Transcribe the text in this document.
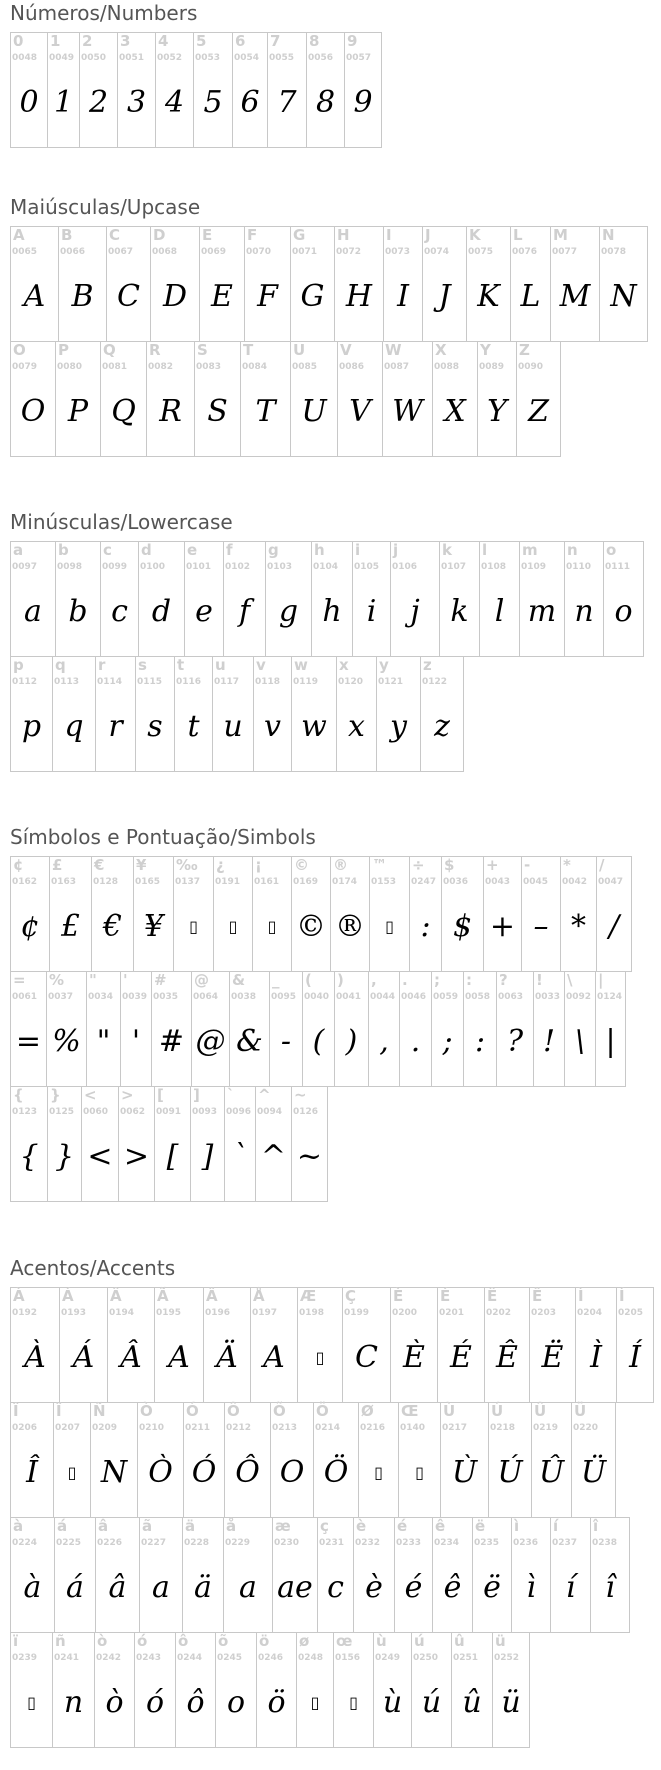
Números/Numbers
0
0048
0
1
0049
1
2
0050
2
3
0051
3
4
0052
4
5
0053
5
6
0054
6
7
0055
7
8
0056
8
9
0057
9
Maiúsculas/Upcase
A
0065
A
B
0066
B
C
0067
C
D
0068
D
E
0069
E
F
0070
F
G
0071
G
H
0072
H
I
0073
I
J
0074
J
K
0075
K
L
0076
L
M
0077
M
N
0078
N
O
0079
O
P
0080
P
Q
0081
Q
R
0082
R
S
0083
S
T
0084
T
U
0085
U
V
0086
V
W
0087
W
X
0088
X
Y
0089
Y
Z
0090
Z
Minúsculas/Lowercase
a
0097
a
b
0098
b
c
0099
c
d
0100
d
e
0101
e
f
0102
f
g
0103
g
h
0104
h
i
0105
i
j
0106
j
k
0107
k
l
0108
l
m
0109
m
n
0110
n
o
0111
o
p
0112
p
q
0113
q
r
0114
r
s
0115
s
t
0116
t
u
0117
u
v
0118
v
w
0119
w
x
0120
x
y
0121
y
z
0122
z
Símbolos e Pontuação/Simbols
¢
0162
¢
£
0163
£
€
0128
€
¥
0165
¥
‰
0137
▯
¿
0191
▯
¡
0161
▯
©
0169
©
®
0174
®
™
0153
▯
÷
0247
:
$
0036
$
+
0043
+
-
0045
–
*
0042
*
/
0047
/
=
0061
=
%
0037
%
"
0034
"
'
0039
'
#
0035
#
@
0064
@
&
0038
&
_
0095
-
(
0040
(
)
0041
)
,
0044
,
.
0046
.
;
0059
;
:
0058
:
?
0063
?
!
0033
!
\
0092
\
|
0124
|
{
0123
{
}
0125
}
<
0060
<
>
0062
>
[
0091
[
]
0093
]
`
0096
`
^
0094
^
~
0126
~
Acentos/Accents
À
0192
À
Á
0193
Á
Â
0194
Â
Ã
0195
A
Ä
0196
Ä
Å
0197
A
Æ
0198
▯
Ç
0199
C
È
0200
È
É
0201
É
Ê
0202
Ê
Ë
0203
Ë
Ì
0204
Ì
Í
0205
Í
Î
0206
Î
Ï
0207
▯
Ñ
0209
N
Ò
0210
Ò
Ó
0211
Ó
Ô
0212
Ô
Õ
0213
O
Ö
0214
Ö
Ø
0216
▯
Œ
0140
▯
Ù
0217
Ù
Ú
0218
Ú
Û
0219
Û
Ü
0220
Ü
à
0224
à
á
0225
á
â
0226
â
ã
0227
a
ä
0228
ä
å
0229
a
æ
0230
ae
ç
0231
c
è
0232
è
é
0233
é
ê
0234
ê
ë
0235
ë
ì
0236
ì
í
0237
í
î
0238
î
ï
0239
▯
ñ
0241
n
ò
0242
ò
ó
0243
ó
ô
0244
ô
õ
0245
o
ö
0246
ö
ø
0248
▯
œ
0156
▯
ù
0249
ù
ú
0250
ú
û
0251
û
ü
0252
ü
